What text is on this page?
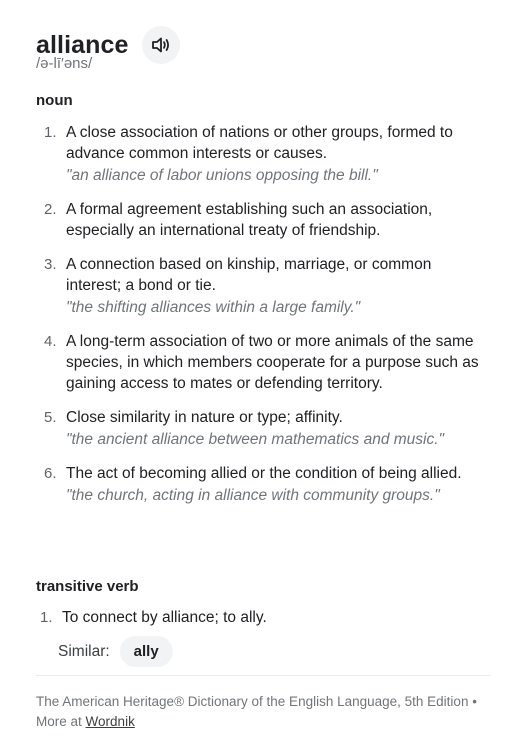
alliance
/ə-lī′əns/
noun
1. A close association of nations or other groups, formed to advance common interests or causes.
"an alliance of labor unions opposing the bill."
2. A formal agreement establishing such an association, especially an international treaty of friendship.
3. A connection based on kinship, marriage, or common interest; a bond or tie.
"the shifting alliances within a large family."
4. A long-term association of two or more animals of the same species, in which members cooperate for a purpose such as gaining access to mates or defending territory.
5. Close similarity in nature or type; affinity.
"the ancient alliance between mathematics and music."
6. The act of becoming allied or the condition of being allied.
"the church, acting in alliance with community groups."
transitive verb
1. To connect by alliance; to ally.
Similar:	ally
The American Heritage® Dictionary of the English Language, 5th Edition • More at Wordnik
